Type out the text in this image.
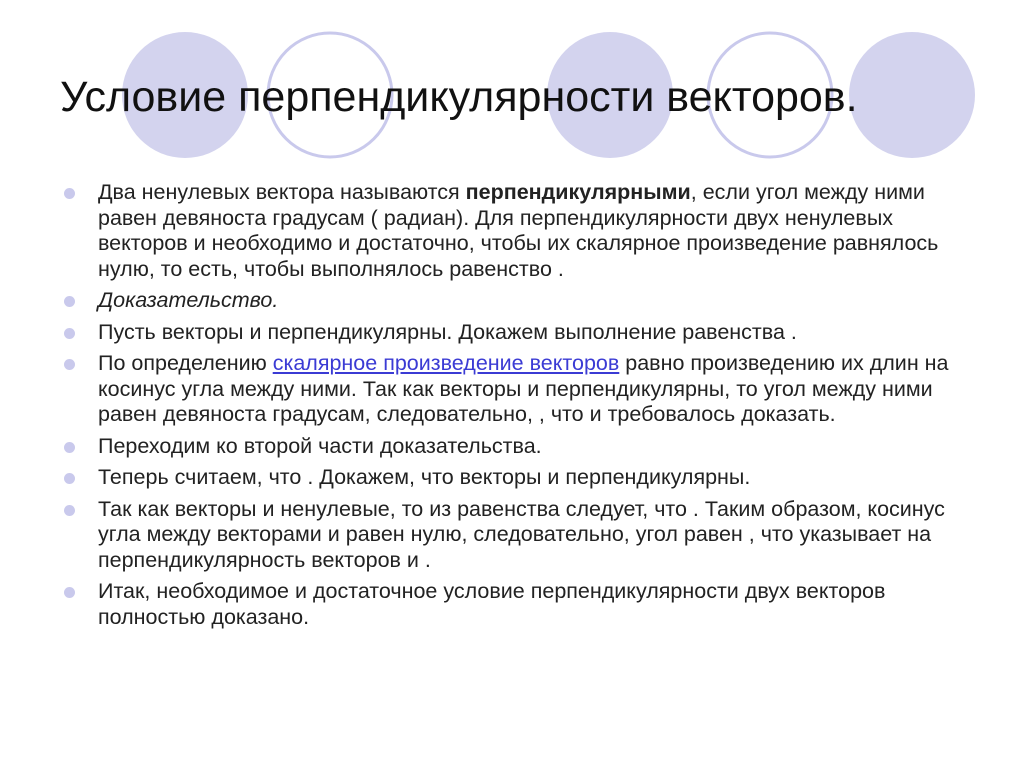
Условие перпендикулярности векторов.
Два ненулевых вектора называются перпендикулярными, если угол между ними равен девяноста градусам ( радиан). Для перпендикулярности двух ненулевых векторов и необходимо и достаточно, чтобы их скалярное произведение равнялось нулю, то есть, чтобы выполнялось равенство .
Доказательство.
Пусть векторы и перпендикулярны. Докажем выполнение равенства .
По определению скалярное произведение векторов равно произведению их длин на косинус угла между ними. Так как векторы и перпендикулярны, то угол между ними равен девяноста градусам, следовательно, , что и требовалось доказать.
Переходим ко второй части доказательства.
Теперь считаем, что . Докажем, что векторы и перпендикулярны.
Так как векторы и ненулевые, то из равенства следует, что . Таким образом, косинус угла между векторами и равен нулю, следовательно, угол равен , что указывает на перпендикулярность векторов и .
Итак, необходимое и достаточное условие перпендикулярности двух векторов полностью доказано.
